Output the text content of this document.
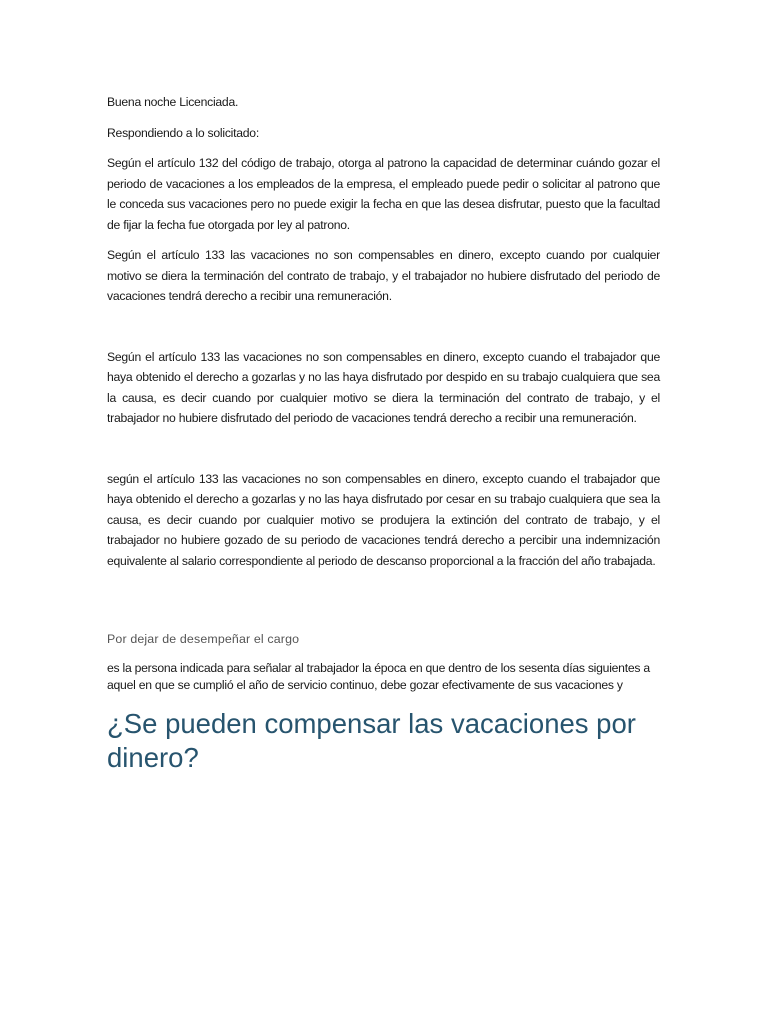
Buena noche Licenciada.

Respondiendo a lo solicitado:

Según el artículo 132 del código de trabajo, otorga al patrono la capacidad de determinar cuándo gozar el periodo de vacaciones a los empleados de la empresa, el empleado puede pedir o solicitar al patrono que le conceda sus vacaciones pero no puede exigir la fecha en que las desea disfrutar, puesto que la facultad de fijar la fecha fue otorgada por ley al patrono.

Según el artículo 133 las vacaciones no son compensables en dinero, excepto cuando por cualquier motivo se diera la terminación del contrato de trabajo, y el trabajador no hubiere disfrutado del periodo de vacaciones tendrá derecho a recibir una remuneración.

Según el artículo 133 las vacaciones no son compensables en dinero, excepto cuando el trabajador que haya obtenido el derecho a gozarlas y no las haya disfrutado por despido en su trabajo cualquiera que sea la causa, es decir cuando por cualquier motivo se diera la terminación del contrato de trabajo, y el trabajador no hubiere disfrutado del periodo de vacaciones tendrá derecho a recibir una remuneración.

según el artículo 133 las vacaciones no son compensables en dinero, excepto cuando el trabajador que haya obtenido el derecho a gozarlas y no las haya disfrutado por cesar en su trabajo cualquiera que sea la causa, es decir cuando por cualquier motivo se produjera la extinción del contrato de trabajo, y el trabajador no hubiere gozado de su periodo de vacaciones tendrá derecho a percibir una indemnización equivalente al salario correspondiente al periodo de descanso proporcional a la fracción del año trabajada.

Por dejar de desempeñar el cargo

es la persona indicada para señalar al trabajador la época en que dentro de los sesenta días siguientes a aquel en que se cumplió el año de servicio continuo, debe gozar efectivamente de sus vacaciones y

¿Se pueden compensar las vacaciones por dinero?
